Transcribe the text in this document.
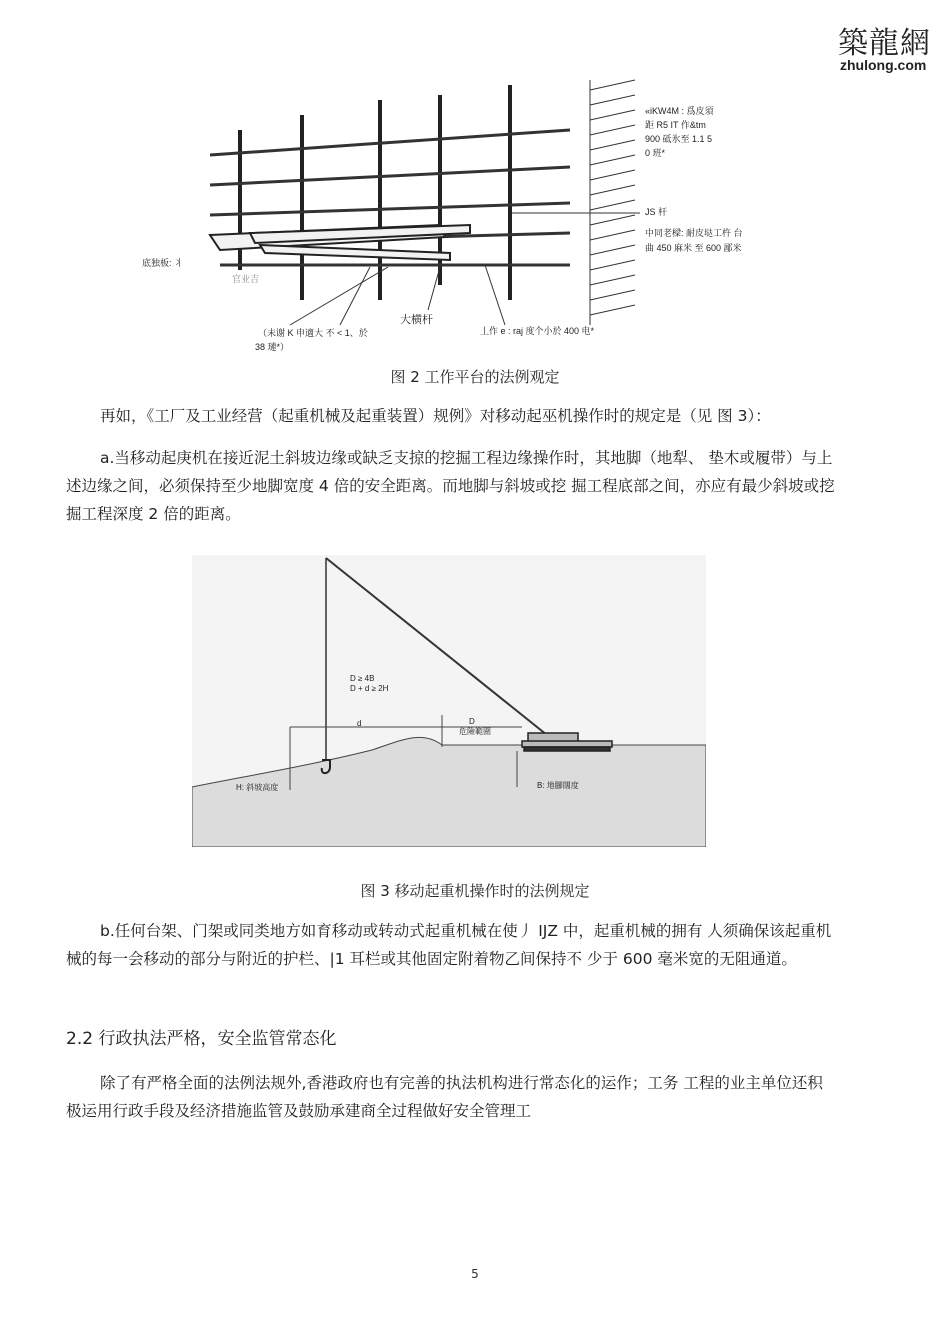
築龍網
zhulong.com
«iKW4M : 爲皮須
距 R5 IT 作&tm
900 砥氷至 1.1 5
0 班*
JS 杆
中同老樑: 耐皮垯工杵 台
曲 450 麻米 至 600 鄙米
底独板: 丬
官业吉
大横杆
（未谢 K 申適大 不 < 1、於
38 璉*）
丄作 e : raj 度个小於 400 电*
图 2 工作平台的法例观定
再如，《工厂及工业经营（起重机械及起重装置）规例》对移动起巫机操作时的规定是（见 图 3）：
a.当移动起庚机在接近泥土斜坡边缘或缺乏支掠的挖掘工程边缘操作时，其地脚（地犁、 垫木或履带）与上述边缘之间，必须保持至少地脚宽度 4 倍的安全距离。而地脚与斜坡或挖 掘工程底部之间，亦应有最少斜坡或挖掘工程深度 2 倍的距离。
D ≥ 4B
D + d ≥ 2H
d	D
危險範圍
H: 斜坡高度	B: 地腳闊度
图 3 移动起重机操作时的法例规定
b.任何台架、门架或同类地方如育移动或转动式起重机械在使丿 IJZ 中，起重机械的拥有 人须确保该起重机械的每一会移动的部分与附近的护栏、|1 耳栏或其他固定附着物乙间保持不 少于 600 毫米宽的无阻通道。
2.2 行政执法严格，安全监管常态化
除了有严格全面的法例法规外,香港政府也有完善的执法机构进行常态化的运作；工务 工程的业主单位还积极运用行政手段及经济措施监管及鼓励承建商全过程做好安全管理工
5
